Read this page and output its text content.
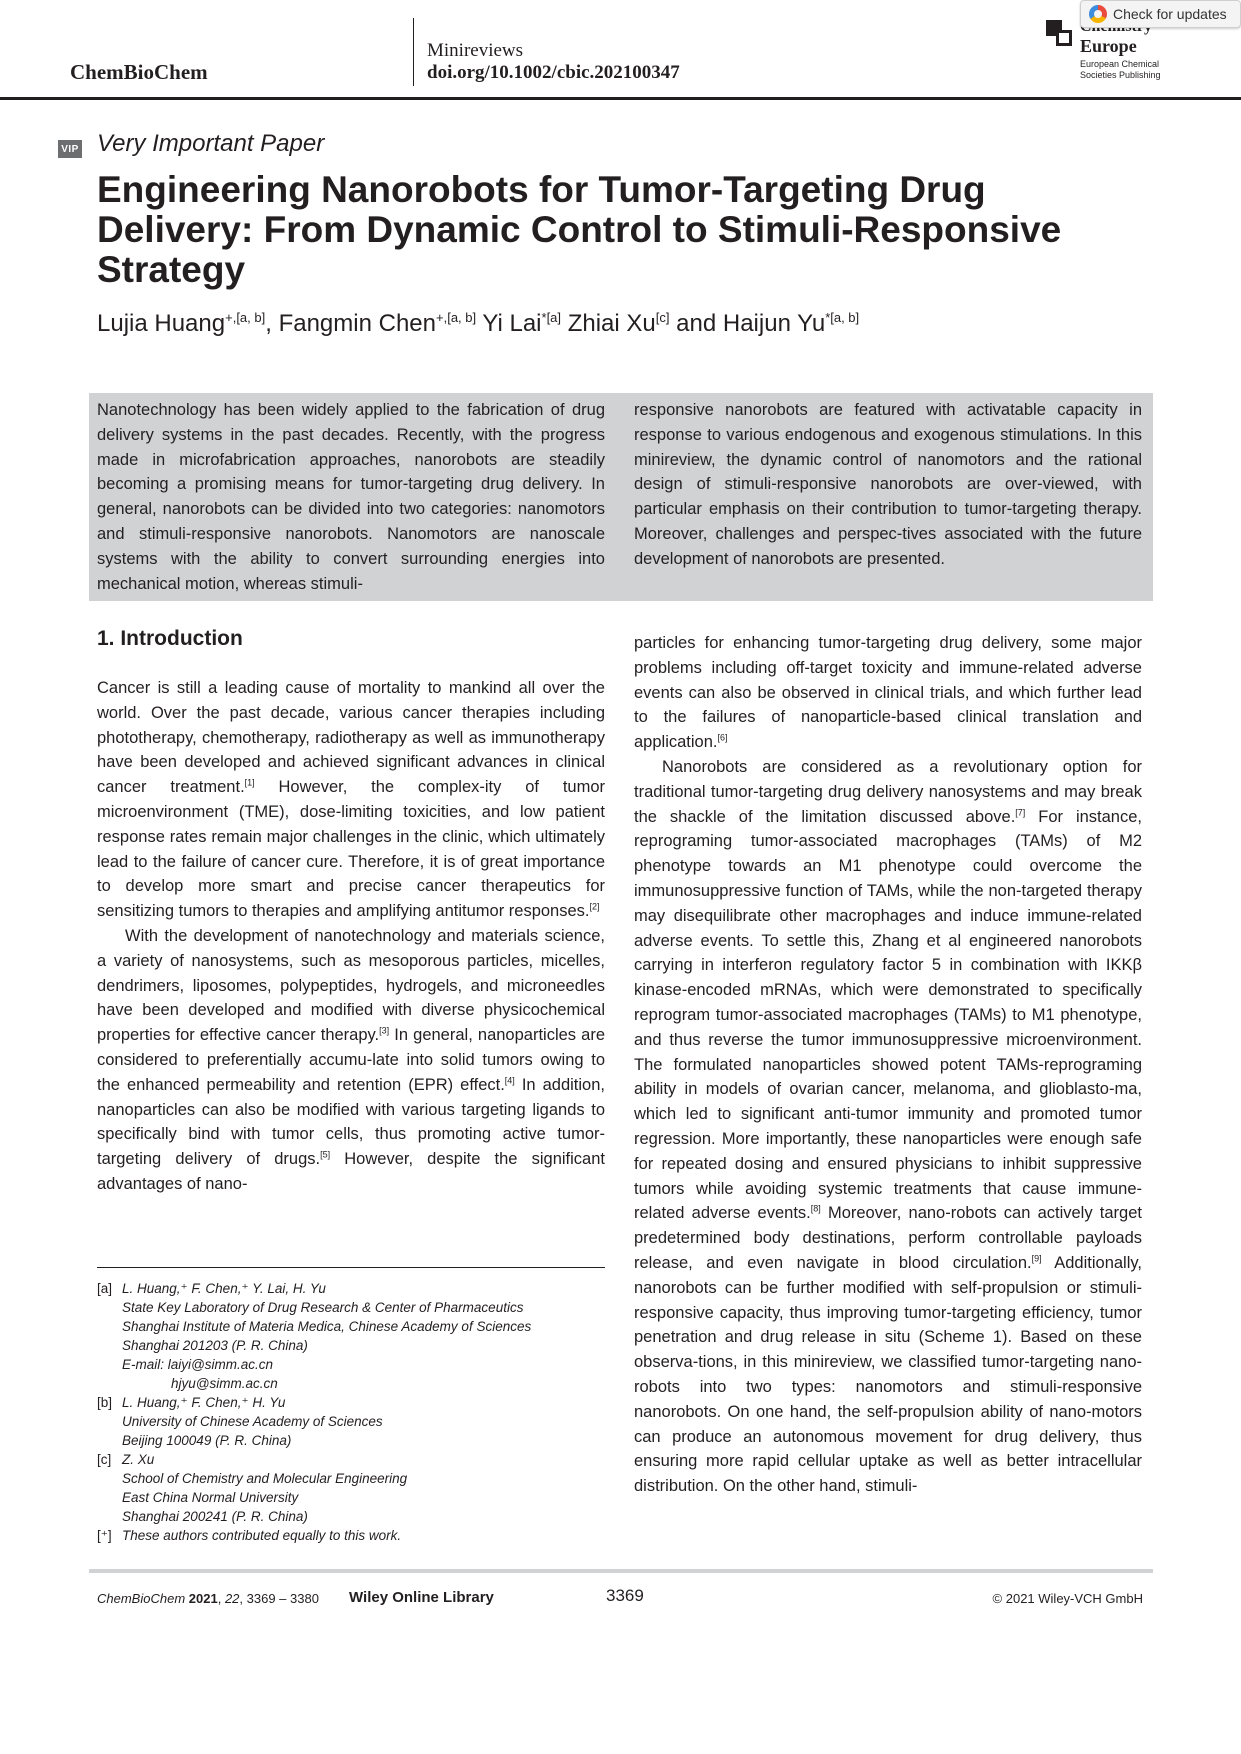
ChemBioChem
Minireviews
doi.org/10.1002/cbic.202100347
Europe
European Chemical
Societies Publishing
Check for updates
VIP Very Important Paper
Engineering Nanorobots for Tumor-Targeting Drug Delivery: From Dynamic Control to Stimuli-Responsive Strategy
Lujia Huang$^{+,[a, b]}$, Fangmin Chen$^{+,[a, b]}$ Yi Lai$^{*[a]}$ Zhiai Xu[c] and Haijun $Yu^{*[a, b]}$
Nanotechnology has been widely applied to the fabrication of drug delivery systems in the past decades. Recently, with the progress made in microfabrication approaches, nanorobots are steadily becoming a promising means for tumor-targeting drug delivery. In general, nanorobots can be divided into two categories: nanomotors and stimuli-responsive nanorobots. Nanomotors are nanoscale systems with the ability to convert surrounding energies into mechanical motion, whereas stimuli-
responsive nanorobots are featured with activatable capacity in response to various endogenous and exogenous stimulations. In this minireview, the dynamic control of nanomotors and the rational design of stimuli-responsive nanorobots are over-viewed, with particular emphasis on their contribution to tumor-targeting therapy. Moreover, challenges and perspec-tives associated with the future development of nanorobots are presented.
1. Introduction

Cancer is still a leading cause of mortality to mankind all over the world. Over the past decade, various cancer therapies including phototherapy, chemotherapy, radiotherapy as well as immunotherapy have been developed and achieved significant advances in clinical cancer treatment.[1] However, the complex-ity of tumor microenvironment (TME), dose-limiting toxicities, and low patient response rates remain major challenges in the clinic, which ultimately lead to the failure of cancer cure. Therefore, it is of great importance to develop more smart and precise cancer therapeutics for sensitizing tumors to therapies and amplifying antitumor responses.[2]

With the development of nanotechnology and materials science, a variety of nanosystems, such as mesoporous particles, micelles, dendrimers, liposomes, polypeptides, hydrogels, and microneedles have been developed and modified with diverse physicochemical properties for effective cancer therapy.[3] In general, nanoparticles are considered to preferentially accumu-late into solid tumors owing to the enhanced permeability and retention (EPR) effect.[4] In addition, nanoparticles can also be modified with various targeting ligands to specifically bind with tumor cells, thus promoting active tumor-targeting delivery of drugs.[5] However, despite the significant advantages of nano-

particles for enhancing tumor-targeting drug delivery, some major problems including off-target toxicity and immune-related adverse events can also be observed in clinical trials, and which further lead to the failures of nanoparticle-based clinical translation and application.[6]

Nanorobots are considered as a revolutionary option for traditional tumor-targeting drug delivery nanosystems and may break the shackle of the limitation discussed above.[7] For instance, reprograming tumor-associated macrophages (TAMs) of M2 phenotype towards an M1 phenotype could overcome the immunosuppressive function of TAMs, while the non-targeted therapy may disequilibrate other macrophages and induce immune-related adverse events. To settle this, Zhang et al engineered nanorobots carrying in interferon regulatory factor 5 in combination with IKKβ kinase-encoded mRNAs, which were demonstrated to specifically reprogram tumor-associated macrophages (TAMs) to M1 phenotype, and thus reverse the tumor immunosuppressive microenvironment. The formulated nanoparticles showed potent TAMs-reprograming ability in models of ovarian cancer, melanoma, and glioblasto-ma, which led to significant anti-tumor immunity and promoted tumor regression. More importantly, these nanoparticles were enough safe for repeated dosing and ensured physicians to inhibit suppressive tumors while avoiding systemic treatments that cause immune-related adverse events.[8] Moreover, nano-robots can actively target predetermined body destinations, perform controllable payloads release, and even navigate in blood circulation.[9] Additionally, nanorobots can be further modified with self-propulsion or stimuli-responsive capacity, thus improving tumor-targeting efficiency, tumor penetration and drug release in situ (Scheme 1). Based on these observa-tions, in this minireview, we classified tumor-targeting nano-robots into two types: nanomotors and stimuli-responsive nanorobots. On one hand, the self-propulsion ability of nano-motors can produce an autonomous movement for drug delivery, thus ensuring more rapid cellular uptake as well as better intracellular distribution. On the other hand, stimuli-

[a] L. Huang,⁺ F. Chen,⁺ Y. Lai, H. Yu
State Key Laboratory of Drug Research & Center of Pharmaceutics
Shanghai Institute of Materia Medica, Chinese Academy of Sciences
Shanghai 201203 (P. R. China)
E-mail: laiyi@simm.ac.cn
hjyu@simm.ac.cn
[b] L. Huang,⁺ F. Chen,⁺ H. Yu
University of Chinese Academy of Sciences
Beijing 100049 (P. R. China)
[c] Z. Xu
School of Chemistry and Molecular Engineering
East China Normal University
Shanghai 200241 (P. R. China)
[⁺] These authors contributed equally to this work.
ChemBioChem 2021, 22, 3369 – 3380 Wiley Online Library	3369	© 2021 Wiley-VCH GmbH
